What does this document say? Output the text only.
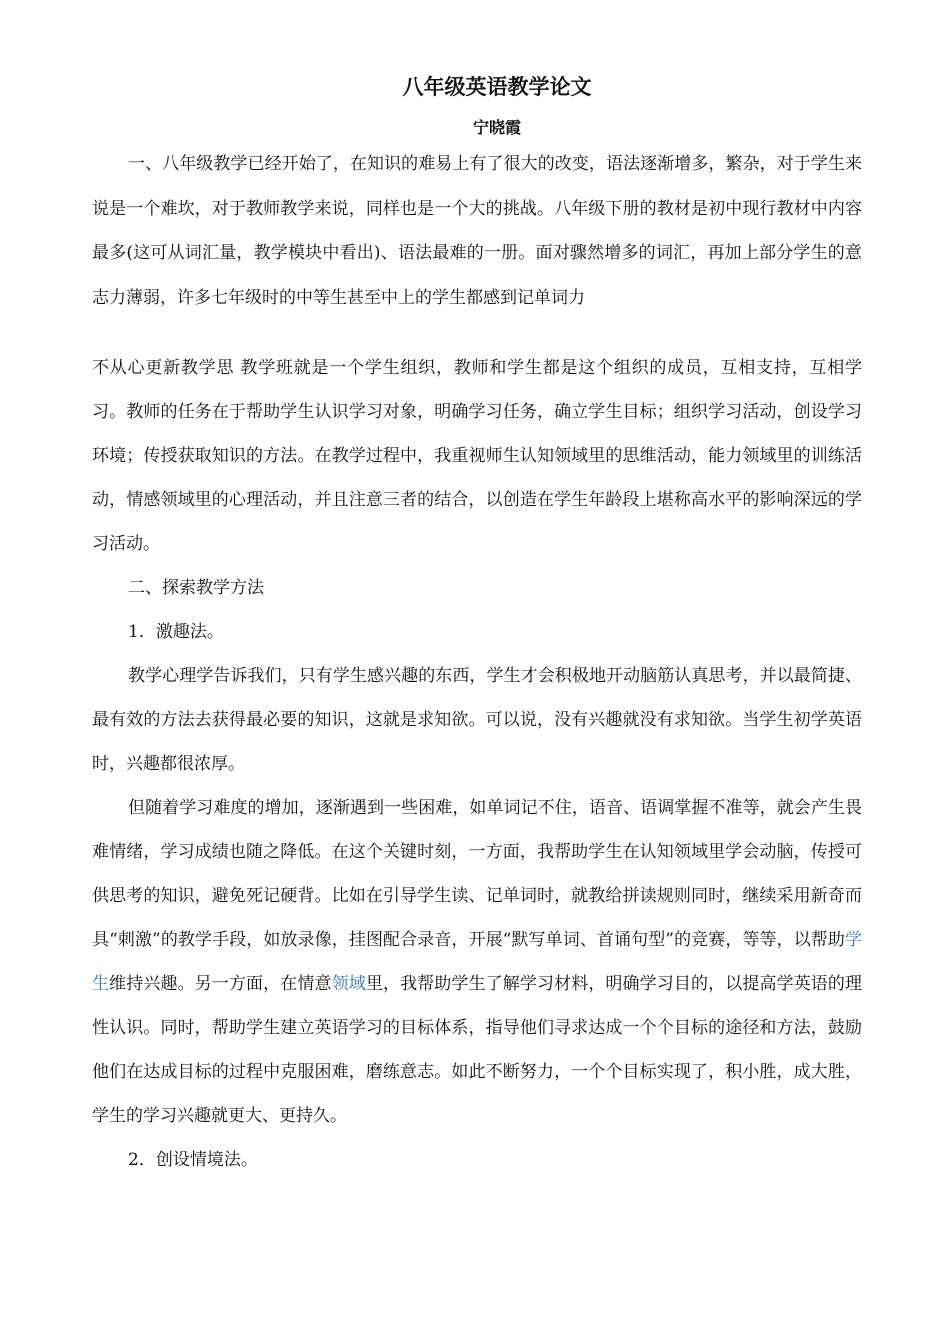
八年级英语教学论文
宁晓霞

一、八年级教学已经开始了，在知识的难易上有了很大的改变，语法逐渐增多，繁杂，对于学生来说是一个难坎，对于教师教学来说，同样也是一个大的挑战。八年级下册的教材是初中现行教材中内容最多(这可从词汇量，教学模块中看出)、语法最难的一册。面对骤然增多的词汇，再加上部分学生的意志力薄弱，许多七年级时的中等生甚至中上的学生都感到记单词力

不从心更新教学思 教学班就是一个学生组织，教师和学生都是这个组织的成员，互相支持，互相学习。教师的任务在于帮助学生认识学习对象，明确学习任务，确立学生目标；组织学习活动，创设学习环境；传授获取知识的方法。在教学过程中，我重视师生认知领域里的思维活动，能力领域里的训练活动，情感领域里的心理活动，并且注意三者的结合，以创造在学生年龄段上堪称高水平的影响深远的学习活动。

二、探索教学方法

1．激趣法。

教学心理学告诉我们，只有学生感兴趣的东西，学生才会积极地开动脑筋认真思考，并以最简捷、最有效的方法去获得最必要的知识，这就是求知欲。可以说，没有兴趣就没有求知欲。当学生初学英语时，兴趣都很浓厚。

但随着学习难度的增加，逐渐遇到一些困难，如单词记不住，语音、语调掌握不准等，就会产生畏难情绪，学习成绩也随之降低。在这个关键时刻，一方面，我帮助学生在认知领域里学会动脑，传授可供思考的知识，避免死记硬背。比如在引导学生读、记单词时，就教给拼读规则同时，继续采用新奇而具“刺激”的教学手段，如放录像，挂图配合录音，开展“默写单词、首诵句型”的竞赛，等等，以帮助学生维持兴趣。另一方面，在情意领域里，我帮助学生了解学习材料，明确学习目的，以提高学英语的理性认识。同时，帮助学生建立英语学习的目标体系，指导他们寻求达成一个个目标的途径和方法，鼓励他们在达成目标的过程中克服困难，磨练意志。如此不断努力，一个个目标实现了，积小胜，成大胜，学生的学习兴趣就更大、更持久。

2．创设情境法。
